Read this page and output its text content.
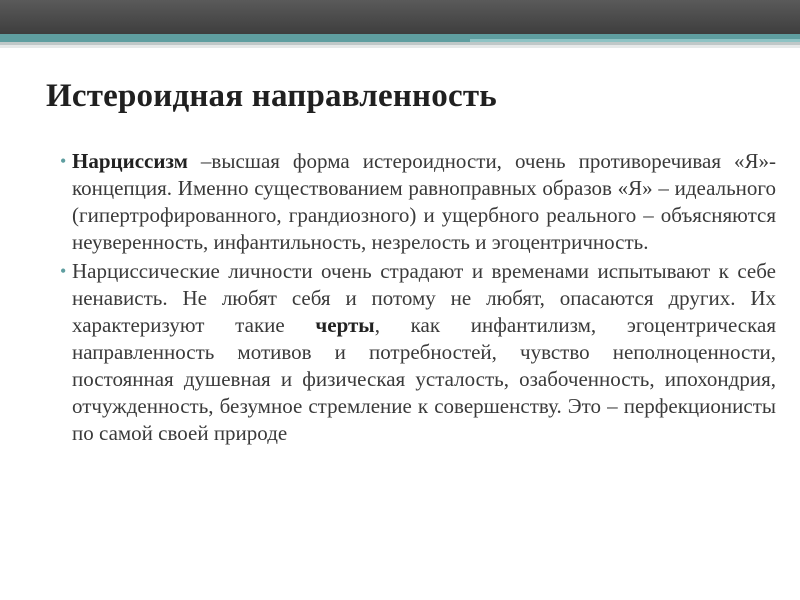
Истероидная направленность

• Нарциссизм –высшая форма истероидности, очень противоречивая «Я»-концепция. Именно существованием равноправных образов «Я» – идеального (гипертрофированного, грандиозного) и ущербного реального – объясняются неуверенность, инфантильность, незрелость и эгоцентричность.

• Нарциссические личности очень страдают и временами испытывают к себе ненависть. Не любят себя и потому не любят, опасаются других. Их характеризуют такие черты, как инфантилизм, эгоцентрическая направленность мотивов и потребностей, чувство неполноценности, постоянная душевная и физическая усталость, озабоченность, ипохондрия, отчужденность, безумное стремление к совершенству. Это – перфекционисты по самой своей природе
